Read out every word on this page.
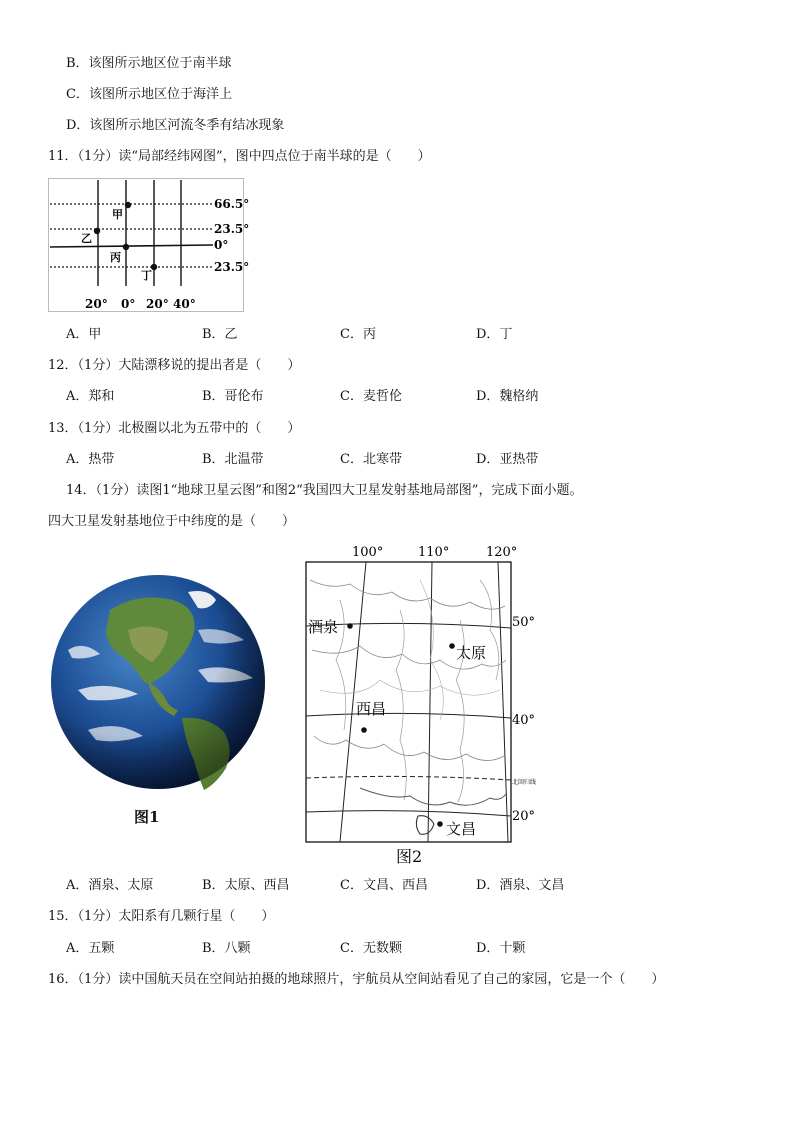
B．该图所示地区位于南半球
C．该图所示地区位于海洋上
D．该图所示地区河流冬季有结冰现象
11．（1分）读“局部经纬网图”，图中四点位于南半球的是（　　）
66.5°
23.5°
0°
23.5°
20° 0° 20° 40°
甲
乙
丙
丁
A．甲	B．乙	C．丙	D．丁
12．（1分）大陆漂移说的提出者是（　　）
A．郑和	B．哥伦布	C．麦哲伦	D．魏格纳
13．（1分）北极圈以北为五带中的（　　）
A．热带	B．北温带	C．北寒带	D．亚热带
14．（1分）读图1“地球卫星云图”和图2“我国四大卫星发射基地局部图”，完成下面小题。
四大卫星发射基地位于中纬度的是（　　）
图1
100°	110°	120°
50°
40°
20°
北回归线
酒泉
太原
西昌
文昌
图2
A．酒泉、太原	B．太原、西昌	C．文昌、西昌	D．酒泉、文昌
15．（1分）太阳系有几颗行星（　　）
A．五颗	B．八颗	C．无数颗	D．十颗
16．（1分）读中国航天员在空间站拍摄的地球照片，宇航员从空间站看见了自己的家园，它是一个（　　）
